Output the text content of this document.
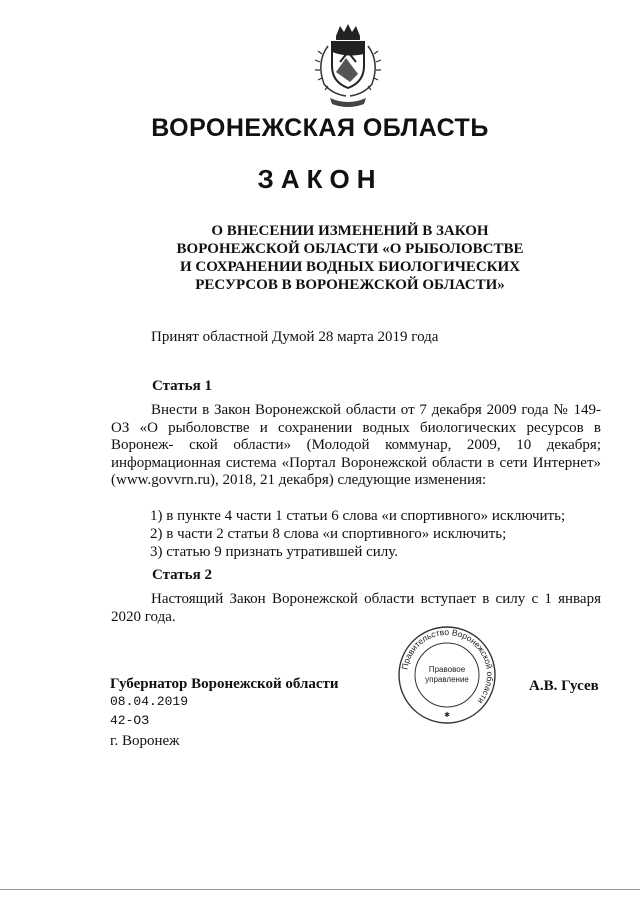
ВОРОНЕЖСКАЯ ОБЛАСТЬ
ЗАКОН
О ВНЕСЕНИИ ИЗМЕНЕНИЙ В ЗАКОН
ВОРОНЕЖСКОЙ ОБЛАСТИ «О РЫБОЛОВСТВЕ
И СОХРАНЕНИИ ВОДНЫХ БИОЛОГИЧЕСКИХ
РЕСУРСОВ В ВОРОНЕЖСКОЙ ОБЛАСТИ»
Принят областной Думой 28 марта 2019 года
Статья 1
Внести в Закон Воронежской области от 7 декабря 2009 года № 149-ОЗ «О рыболовстве и сохранении водных биологических ресурсов в Воронеж- ской области» (Молодой коммунар, 2009, 10 декабря; информационная система «Портал Воронежской области в сети Интернет» (www.govvrn.ru), 2018, 21 декабря) следующие изменения:
1) в пункте 4 части 1 статьи 6 слова «и спортивного» исключить;
2) в части 2 статьи 8 слова «и спортивного» исключить;
3) статью 9 признать утратившей силу.
Статья 2
Настоящий Закон Воронежской области вступает в силу с 1 января 2020 года.
Губернатор Воронежской области	А.В. Гусев
08.04.2019
42-ОЗ
г. Воронеж
Правительство Воронежской области
Правовое
управление
✱
